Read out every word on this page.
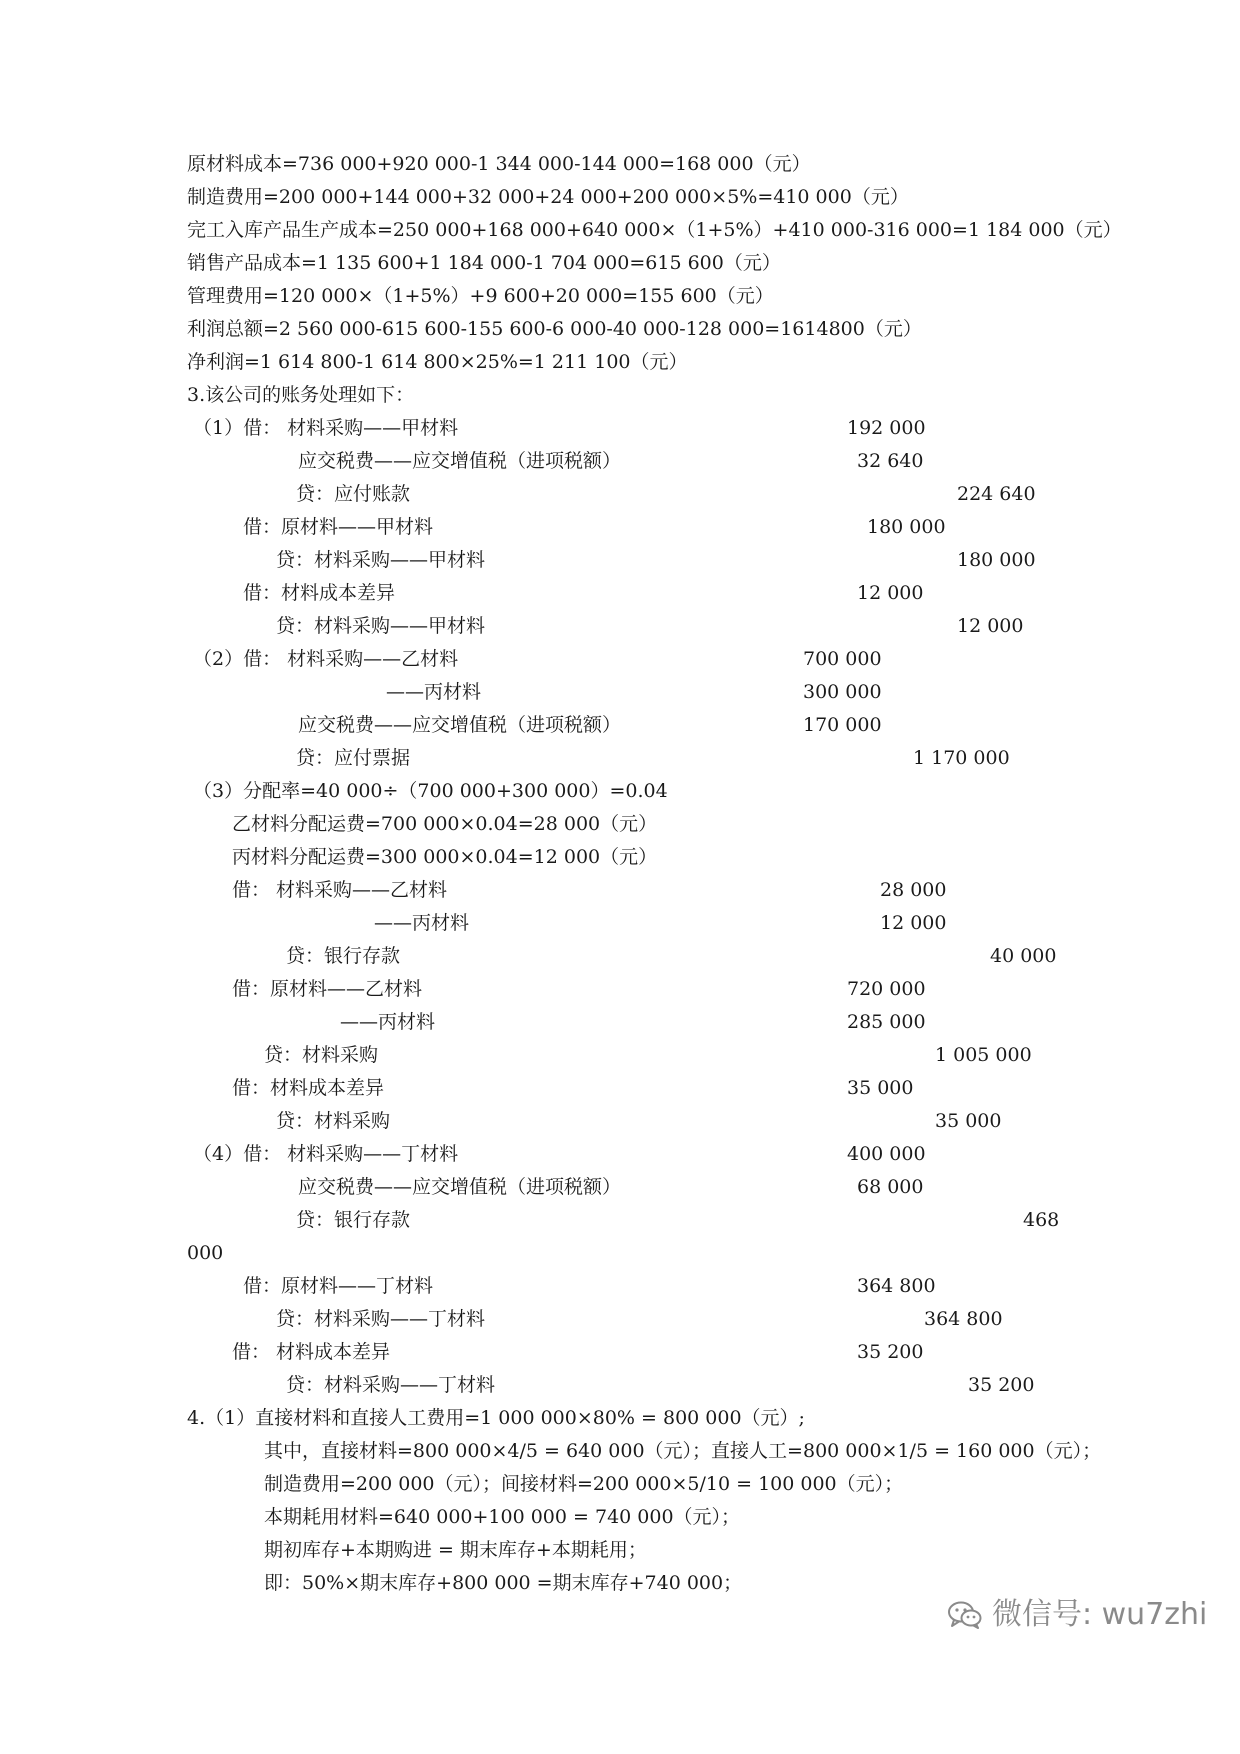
原材料成本=736 000+920 000-1 344 000-144 000=168 000（元）
制造费用=200 000+144 000+32 000+24 000+200 000×5%=410 000（元）
完工入库产品生产成本=250 000+168 000+640 000×（1+5%）+410 000-316 000=1 184 000（元）
销售产品成本=1 135 600+1 184 000-1 704 000=615 600（元）
管理费用=120 000×（1+5%）+9 600+20 000=155 600（元）
利润总额=2 560 000-615 600-155 600-6 000-40 000-128 000=1614800（元）
净利润=1 614 800-1 614 800×25%=1 211 100（元）
3.该公司的账务处理如下：
（1）借： 材料采购——甲材料
应交税费——应交增值税（进项税额）
贷：应付账款
借：原材料——甲材料
贷：材料采购——甲材料
借：材料成本差异
贷：材料采购——甲材料
（2）借： 材料采购——乙材料
——丙材料
应交税费——应交增值税（进项税额）
贷：应付票据
（3）分配率=40 000÷（700 000+300 000）=0.04
乙材料分配运费=700 000×0.04=28 000（元）
丙材料分配运费=300 000×0.04=12 000（元）
借： 材料采购——乙材料
——丙材料
贷：银行存款
借：原材料——乙材料
——丙材料
贷：材料采购
借：材料成本差异
贷：材料采购
（4）借： 材料采购——丁材料
应交税费——应交增值税（进项税额）
贷：银行存款
000
借：原材料——丁材料
贷：材料采购——丁材料
借： 材料成本差异
贷：材料采购——丁材料
4.（1）直接材料和直接人工费用=1 000 000×80% = 800 000（元）;
其中，直接材料=800 000×4/5 = 640 000（元）；直接人工=800 000×1/5 = 160 000（元）；
制造费用=200 000（元）；间接材料=200 000×5/10 = 100 000（元）；
本期耗用材料=640 000+100 000 = 740 000（元）；
期初库存+本期购进 = 期末库存+本期耗用；
即：50%×期末库存+800 000 =期末库存+740 000；
192 000
32 640
224 640
180 000
180 000
12 000
12 000
700 000
300 000
170 000
1 170 000
28 000
12 000
40 000
720 000
285 000
1 005 000
35 000
35 000
400 000
68 000
468
364 800
364 800
35 200
35 200
微信号: wu7zhi
